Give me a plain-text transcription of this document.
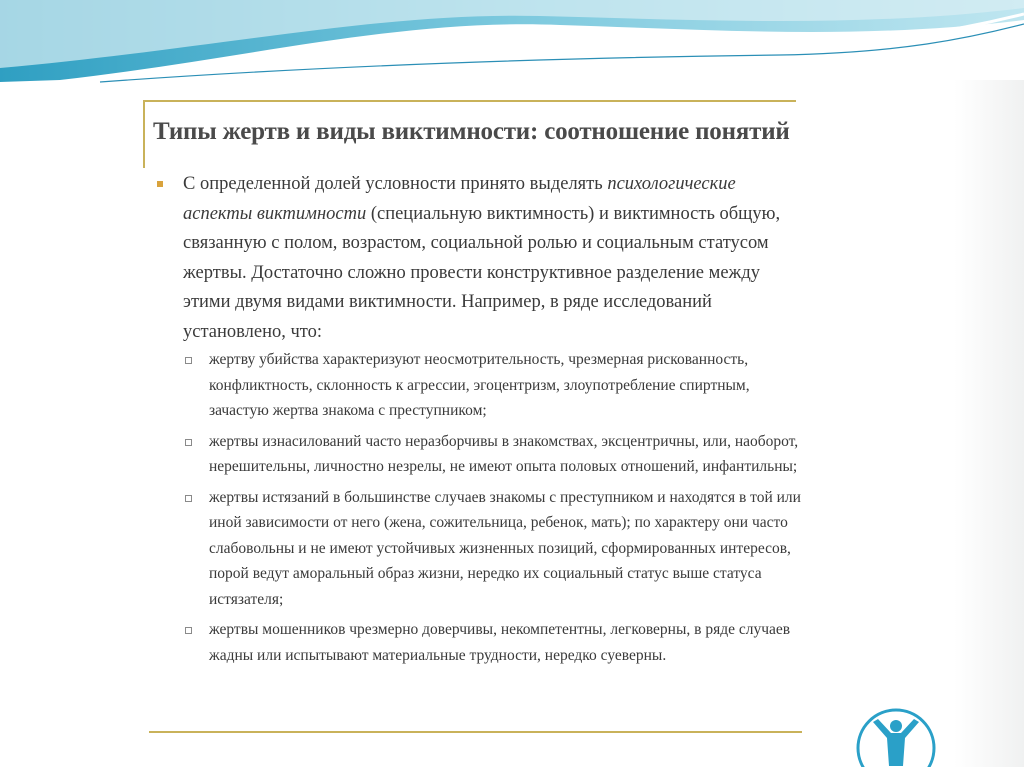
Типы жертв и виды виктимности: соотношение понятий

С определенной долей условности принято выделять психологические аспекты виктимности (специальную виктимность) и виктимность общую, связанную с полом, возрастом, социальной ролью и социальным статусом жертвы. Достаточно сложно провести конструктивное разделение между этими двумя видами виктимности. Например, в ряде исследований установлено, что:

жертву убийства характеризуют неосмотрительность, чрезмерная рискованность, конфликтность, склонность к агрессии, эгоцентризм, злоупотребление спиртным, зачастую жертва знакома с преступником;
жертвы изнасилований часто неразборчивы в знакомствах, эксцентричны, или, наоборот, нерешительны, личностно незрелы, не имеют опыта половых отношений, инфантильны;
жертвы истязаний в большинстве случаев знакомы с преступником и находятся в той или иной зависимости от него (жена, сожительница, ребенок, мать); по характеру они часто слабовольны и не имеют устойчивых жизненных позиций, сформированных интересов, порой ведут аморальный образ жизни, нередко их социальный статус выше статуса истязателя;
жертвы мошенников чрезмерно доверчивы, некомпетентны, легковерны, в ряде случаев жадны или испытывают материальные трудности, нередко суеверны.
